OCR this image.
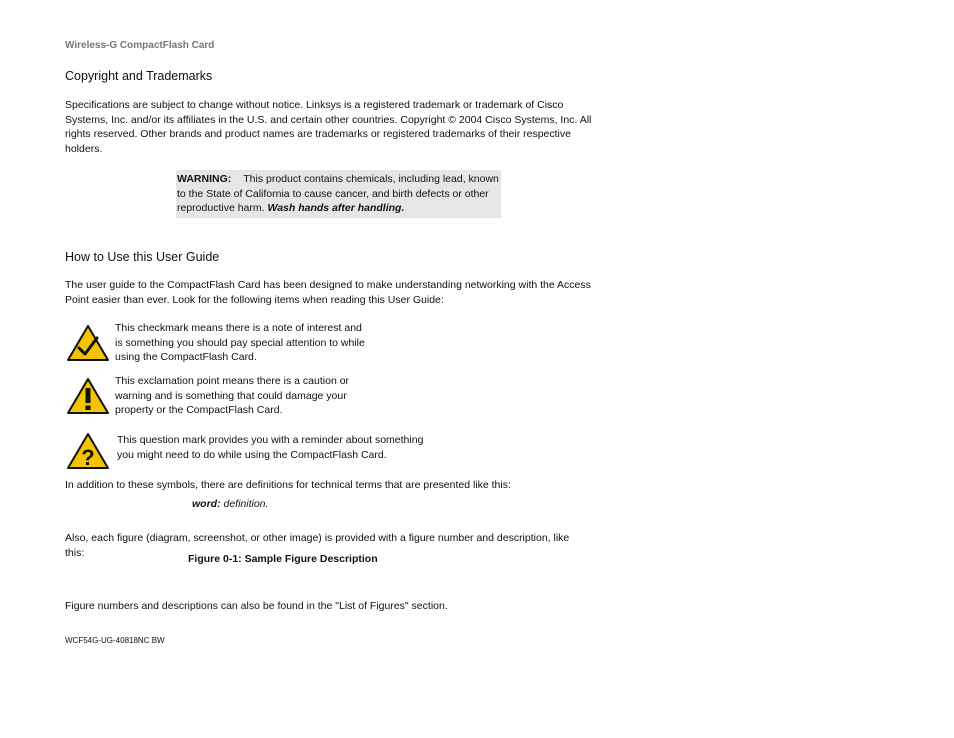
Wireless-G CompactFlash Card
Copyright and Trademarks
Specifications are subject to change without notice. Linksys is a registered trademark or trademark of Cisco
Systems, Inc. and/or its affiliates in the U.S. and certain other countries. Copyright © 2004 Cisco Systems, Inc. All
rights reserved. Other brands and product names are trademarks or registered trademarks of their respective
holders.
WARNING: This product contains chemicals, including lead, known
to the State of California to cause cancer, and birth defects or other
reproductive harm. Wash hands after handling.
How to Use this User Guide
The user guide to the CompactFlash Card has been designed to make understanding networking with the Access
Point easier than ever. Look for the following items when reading this User Guide:
This checkmark means there is a note of interest and
is something you should pay special attention to while
using the CompactFlash Card.
This exclamation point means there is a caution or
warning and is something that could damage your
property or the CompactFlash Card.
?
This question mark provides you with a reminder about something
you might need to do while using the CompactFlash Card.
In addition to these symbols, there are definitions for technical terms that are presented like this:
word: definition.
Also, each figure (diagram, screenshot, or other image) is provided with a figure number and description, like
this:
Figure 0-1: Sample Figure Description
Figure numbers and descriptions can also be found in the "List of Figures" section.
WCF54G-UG-40818NC BW
